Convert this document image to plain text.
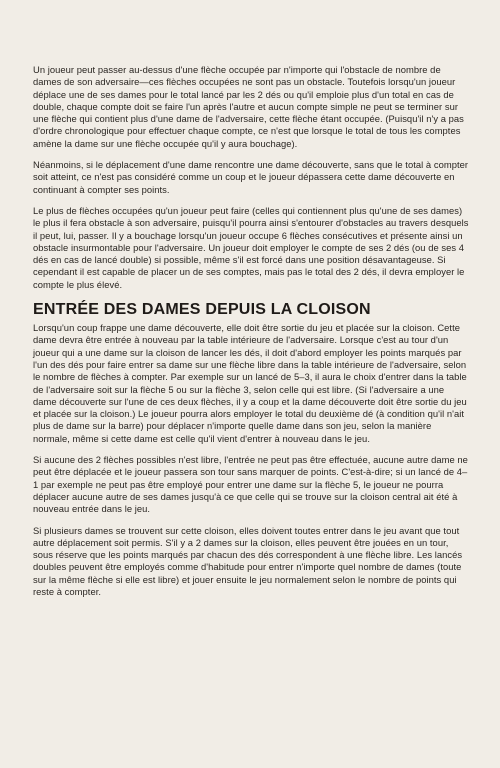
Un joueur peut passer au-dessus d'une flèche occupée par n'importe qui l'obstacle de nombre de dames de son adversaire—ces flèches occupées ne sont pas un obstacle. Toutefois lorsqu'un joueur déplace une de ses dames pour le total lancé par les 2 dés ou qu'il emploie plus d'un total en cas de double, chaque compte doit se faire l'un après l'autre et aucun compte simple ne peut se terminer sur une flèche qui contient plus d'une dame de l'adversaire, cette flèche étant occupée. (Puisqu'il n'y a pas d'ordre chronologique pour effectuer chaque compte, ce n'est que lorsque le total de tous les comptes amène la dame sur une flèche occupée qu'il y aura bouchage).

Néanmoins, si le déplacement d'une dame rencontre une dame découverte, sans que le total à compter soit atteint, ce n'est pas considéré comme un coup et le joueur dépassera cette dame découverte en continuant à compter ses points.

Le plus de flèches occupées qu'un joueur peut faire (celles qui contiennent plus qu'une de ses dames) le plus il fera obstacle à son adversaire, puisqu'il pourra ainsi s'entourer d'obstacles au travers desquels il peut, lui, passer. Il y a bouchage lorsqu'un joueur occupe 6 flèches consécutives et présente ainsi un obstacle insurmontable pour l'adversaire. Un joueur doit employer le compte de ses 2 dés (ou de ses 4 dés en cas de lancé double) si possible, même s'il est forcé dans une position désavantageuse. Si cependant il est capable de placer un de ses comptes, mais pas le total des 2 dés, il devra employer le compte le plus élevé.

ENTRÉE DES DAMES DEPUIS LA CLOISON

Lorsqu'un coup frappe une dame découverte, elle doit être sortie du jeu et placée sur la cloison. Cette dame devra être entrée à nouveau par la table intérieure de l'adversaire. Lorsque c'est au tour d'un joueur qui a une dame sur la cloison de lancer les dés, il doit d'abord employer les points marqués par l'un des dés pour faire entrer sa dame sur une flèche libre dans la table intérieure de l'adversaire, selon le nombre de flèches à compter. Par exemple sur un lancé de 5–3, il aura le choix d'entrer dans la table de l'adversaire soit sur la flèche 5 ou sur la flèche 3, selon celle qui est libre. (Si l'adversaire a une dame découverte sur l'une de ces deux flèches, il y a coup et la dame découverte doit être sortie du jeu et placée sur la cloison.) Le joueur pourra alors employer le total du deuxième dé (à condition qu'il n'ait plus de dame sur la barre) pour déplacer n'importe quelle dame dans son jeu, selon la manière normale, même si cette dame est celle qu'il vient d'entrer à nouveau dans le jeu.

Si aucune des 2 flèches possibles n'est libre, l'entrée ne peut pas être effectuée, aucune autre dame ne peut être déplacée et le joueur passera son tour sans marquer de points. C'est-à-dire; si un lancé de 4–1 par exemple ne peut pas être employé pour entrer une dame sur la flèche 5, le joueur ne pourra déplacer aucune autre de ses dames jusqu'à ce que celle qui se trouve sur la cloison central ait été à nouveau entrée dans le jeu.

Si plusieurs dames se trouvent sur cette cloison, elles doivent toutes entrer dans le jeu avant que tout autre déplacement soit permis. S'il y a 2 dames sur la cloison, elles peuvent être jouées en un tour, sous réserve que les points marqués par chacun des dés correspondent à une flèche libre. Les lancés doubles peuvent être employés comme d'habitude pour entrer n'importe quel nombre de dames (toute sur la même flèche si elle est libre) et jouer ensuite le jeu normalement selon le nombre de points qui reste à compter.
